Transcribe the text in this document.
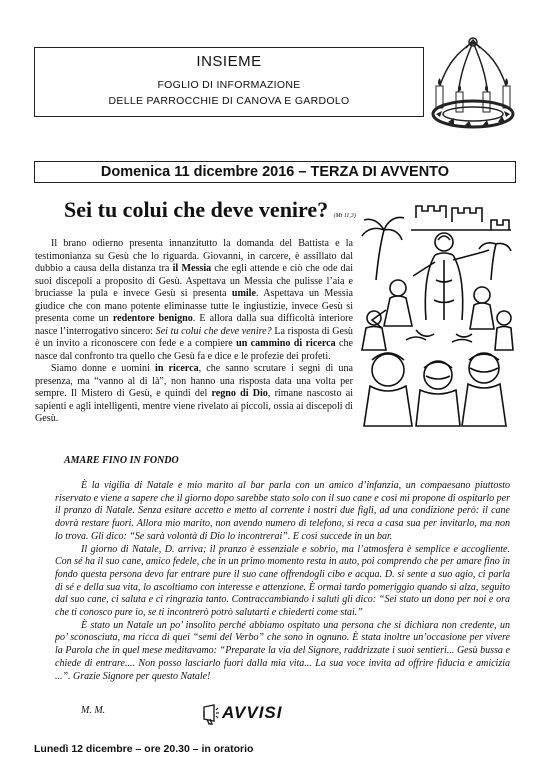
INSIEME
FOGLIO DI INFORMAZIONE
DELLE PARROCCHIE DI CANOVA E GARDOLO
Domenica 11 dicembre 2016 – TERZA DI AVVENTO
Sei tu colui che deve venire? (Mt 11,3)

Il brano odierno presenta innanzitutto la domanda del Battista e la testimonianza su Gesù che lo riguarda. Giovanni, in carcere, è assillato dal dubbio a causa della distanza tra il Messia che egli attende e ciò che ode dai suoi discepoli a proposito di Gesù. Aspettava un Messia che pulisse l’aia e bruciasse la pula e invece Gesù si presenta umile. Aspettava un Messia giudice che con mano potente eliminasse tutte le ingiustizie, invece Gesù si presenta come un redentore benigno. E allora dalla sua difficoltà interiore nasce l’interrogativo sincero: Sei tu colui che deve venire? La risposta di Gesù è un invito a riconoscere con fede e a compiere un cammino di ricerca che nasce dal confronto tra quello che Gesù fa e dice e le profezie dei profeti.

Siamo donne e uomini in ricerca, che sanno scrutare i segni di una presenza, ma “vanno al di là”, non hanno una risposta data una volta per sempre. Il Mistero di Gesù, e quindi del regno di Dio, rimane nascosto ai sapienti e agli intelligenti, mentre viene rivelato ai piccoli, ossia ai discepoli di Gesù.

AMARE FINO IN FONDO

È la vigilia di Natale e mio marito al bar parla con un amico d’infanzia, un compaesano piuttosto riservato e viene a sapere che il giorno dopo sarebbe stato solo con il suo cane e così mi propone di ospitarlo per il pranzo di Natale. Senza esitare accetto e metto al corrente i nostri due figli, ad una condizione però: il cane dovrà restare fuori. Allora mio marito, non avendo numero di telefono, si reca a casa sua per invitarlo, ma non lo trova. Gli dico: “Se sarà volontà di Dio lo incontrerai”. E così succede in un bar.

Il giorno di Natale, D. arriva; il pranzo è essenziale e sobrio, ma l’atmosfera è semplice e accogliente. Con sé ha il suo cane, amico fedele, che in un primo momento resta in auto, poi comprendo che per amare fino in fondo questa persona devo far entrare pure il suo cane offrendogli cibo e acqua. D. si sente a suo agio, ci parla di sé e della sua vita, lo ascoltiamo con interesse e attenzione. È ormai tardo pomeriggio quando si alza, seguito dal suo cane, ci saluta e ci ringrazia tanto. Contraccambiando i saluti gli dico: “Sei stato un dono per noi e ora che ti conosco pure io, se ti incontrerò potrò salutarti e chiederti come stai.”

È stato un Natale un po’ insolito perché abbiamo ospitato una persona che si dichiara non credente, un po’ sconosciuta, ma ricca di quei “semi del Verbo” che sono in ognuno. È stata inoltre un’occasione per vivere la Parola che in quel mese meditavamo: “Preparate la via del Signore, raddrizzate i suoi sentieri... Gesù bussa e chiede di entrare.... Non posso lasciarlo fuori dalla mia vita... La sua voce invita ad offrire fiducia e amicizia ...”. Grazie Signore per questo Natale!

M. M.	AVVISI
Lunedì 12 dicembre – ore 20.30 – in oratorio
